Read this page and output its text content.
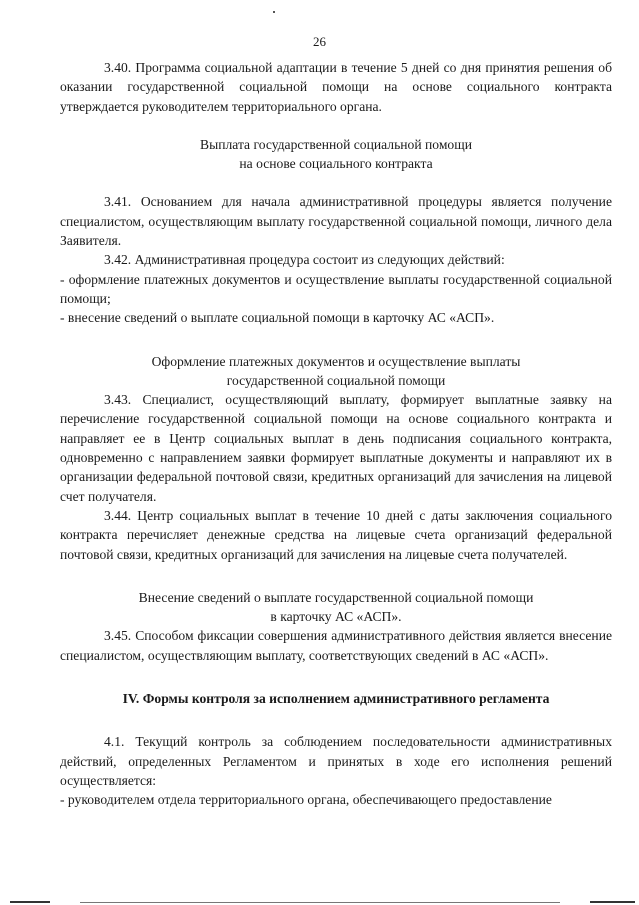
26

3.40. Программа социальной адаптации в течение 5 дней со дня принятия решения об оказании государственной социальной помощи на основе социального контракта утверждается руководителем территориального органа.

Выплата государственной социальной помощи
на основе социального контракта

3.41. Основанием для начала административной процедуры является получение специалистом, осуществляющим выплату государственной социальной помощи, личного дела Заявителя.

3.42. Административная процедура состоит из следующих действий:

- оформление платежных документов и осуществление выплаты государственной социальной помощи;

- внесение сведений о выплате социальной помощи в карточку АС «АСП».

Оформление платежных документов и осуществление выплаты
государственной социальной помощи

3.43. Специалист, осуществляющий выплату, формирует выплатные заявку на перечисление государственной социальной помощи на основе социального контракта и направляет ее в Центр социальных выплат в день подписания социального контракта, одновременно с направлением заявки формирует выплатные документы и направляют их в организации федеральной почтовой связи, кредитных организаций для зачисления на лицевой счет получателя.

3.44. Центр социальных выплат в течение 10 дней с даты заключения социального контракта перечисляет денежные средства на лицевые счета организаций федеральной почтовой связи, кредитных организаций для зачисления на лицевые счета получателей.

Внесение сведений о выплате государственной социальной помощи
в карточку АС «АСП».

3.45. Способом фиксации совершения административного действия является внесение специалистом, осуществляющим выплату, соответствующих сведений в АС «АСП».

IV. Формы контроля за исполнением административного регламента

4.1. Текущий контроль за соблюдением последовательности административных действий, определенных Регламентом и принятых в ходе его исполнения решений осуществляется:

- руководителем отдела территориального органа, обеспечивающего предоставление
